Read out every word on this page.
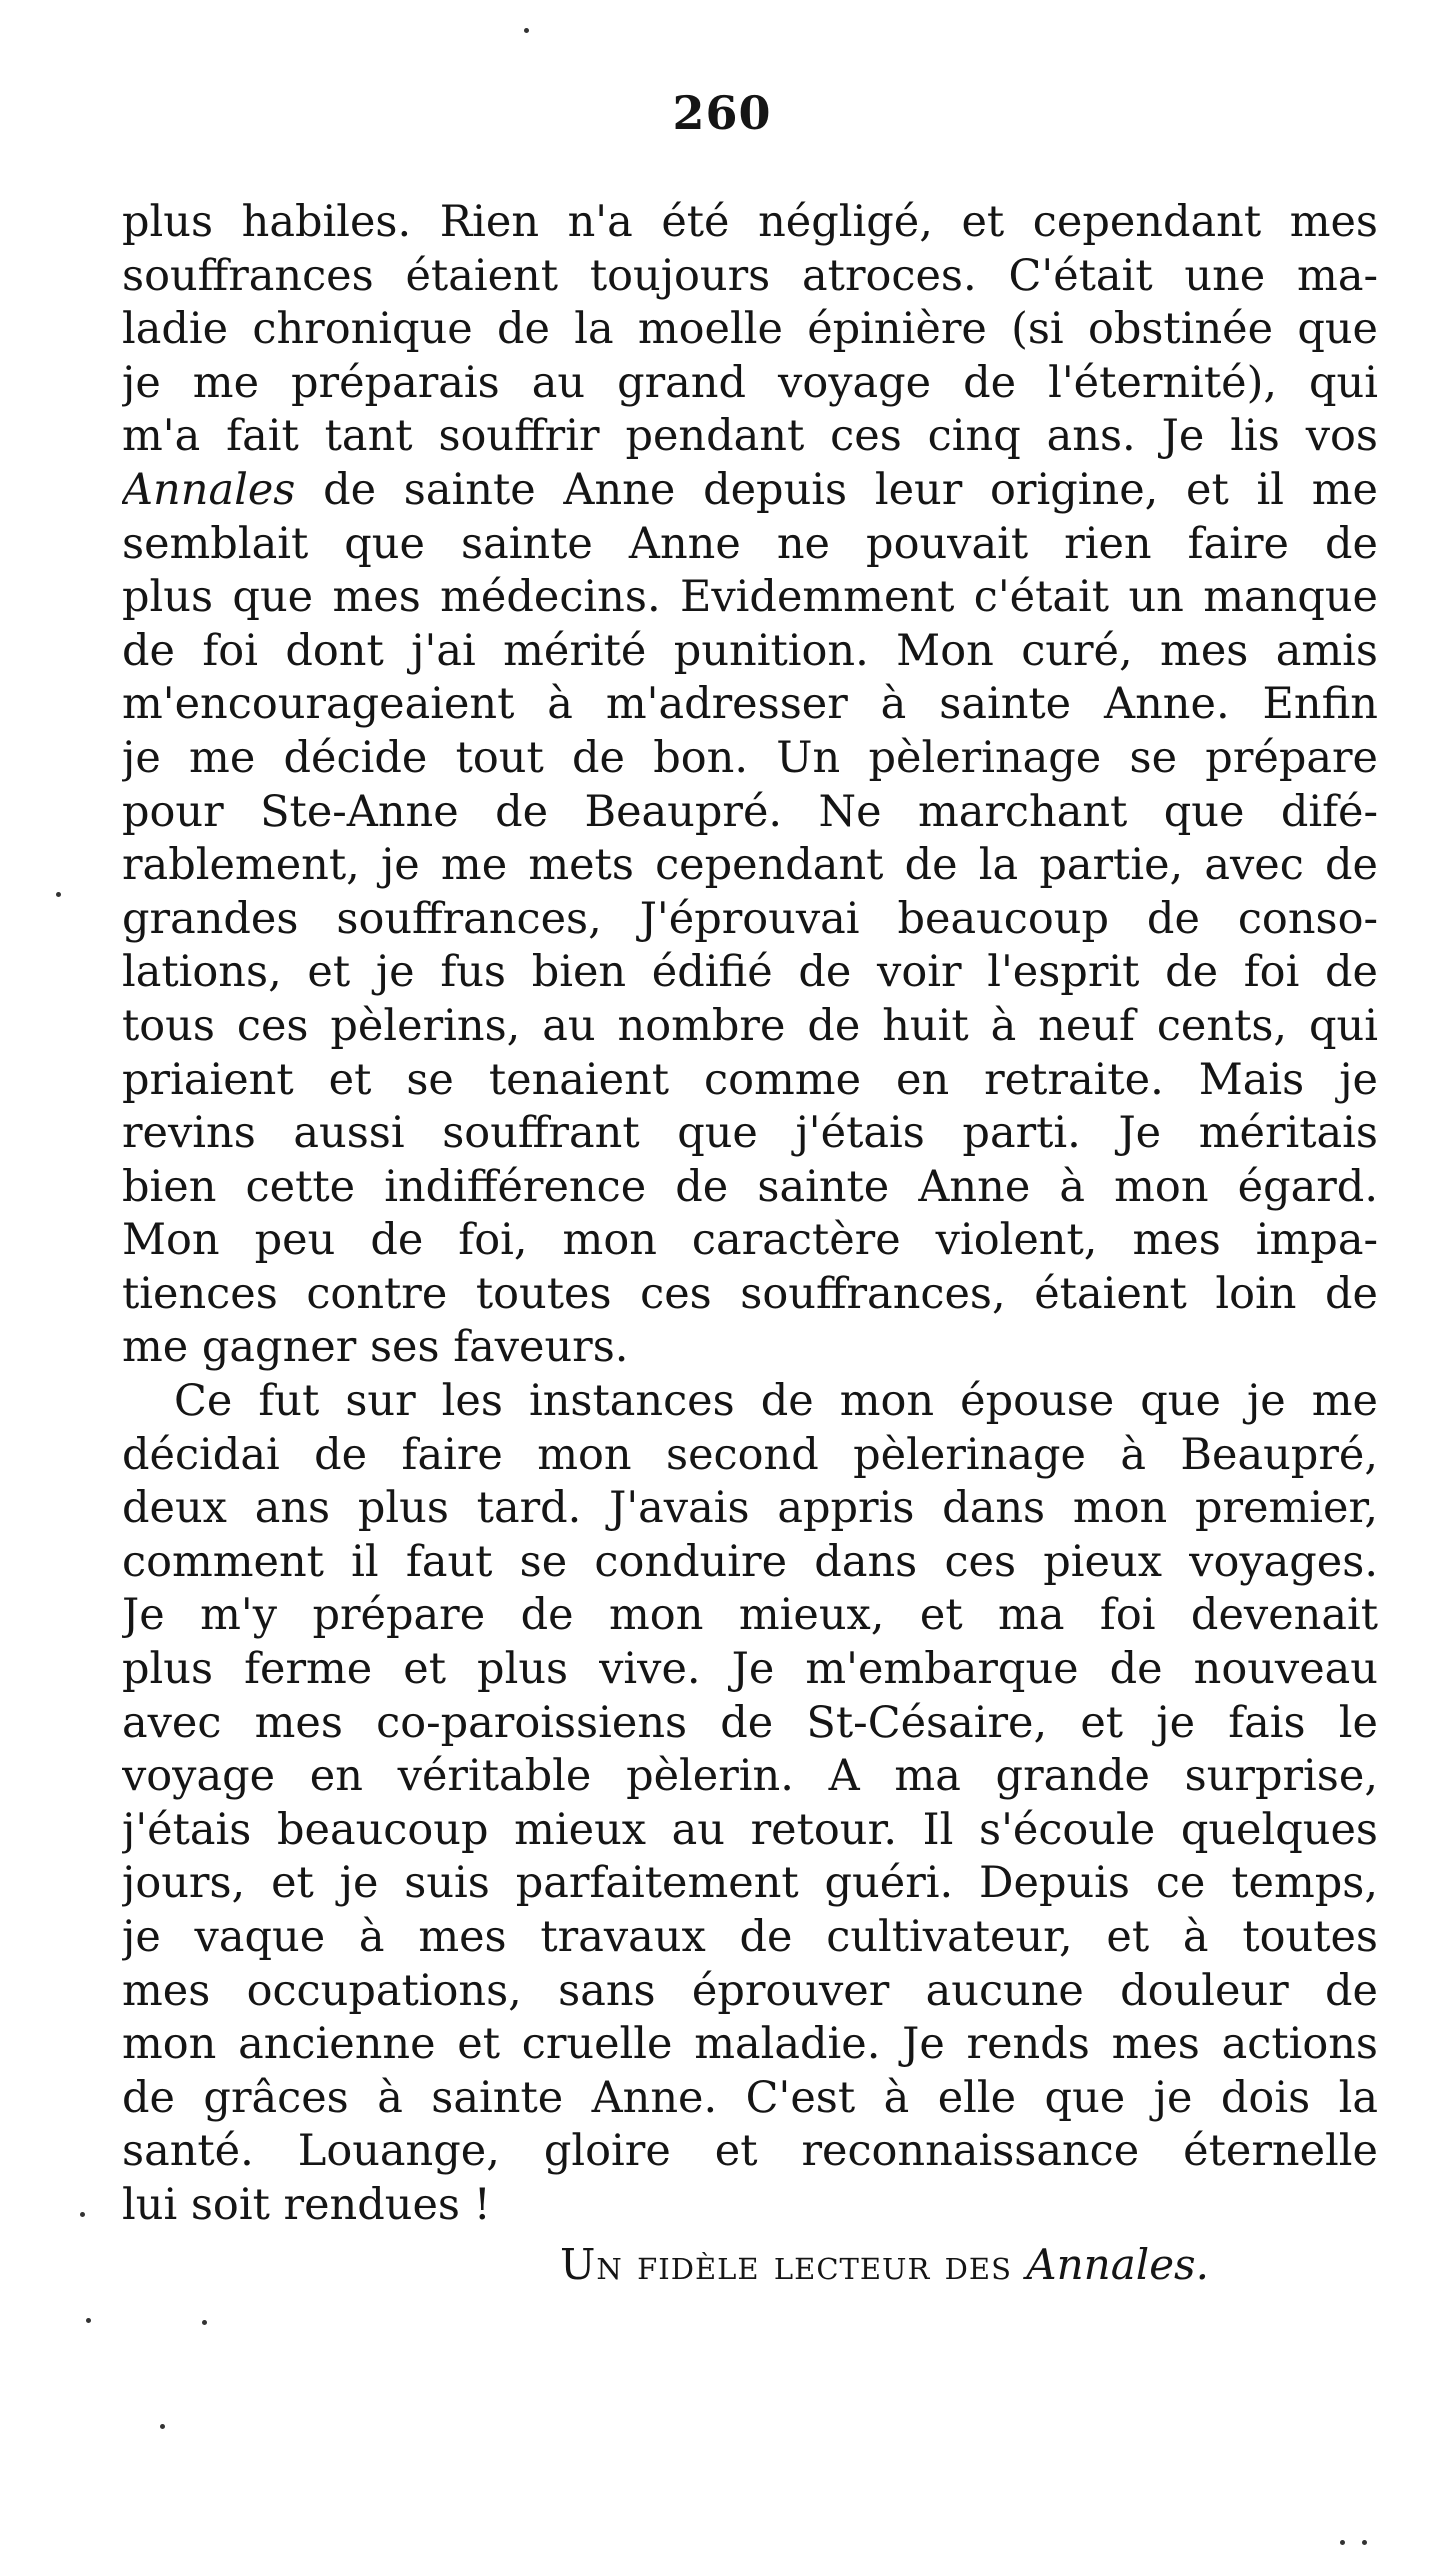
260
plus habiles. Rien n'a été négligé, et cependant mes
souffrances étaient toujours atroces. C'était une ma-
ladie chronique de la moelle épinière (si obstinée que
je me préparais au grand voyage de l'éternité), qui
m'a fait tant souffrir pendant ces cinq ans. Je lis vos
Annales de sainte Anne depuis leur origine, et il me
semblait que sainte Anne ne pouvait rien faire de
plus que mes médecins. Evidemment c'était un manque
de foi dont j'ai mérité punition. Mon curé, mes amis
m'encourageaient à m'adresser à sainte Anne. Enfin
je me décide tout de bon. Un pèlerinage se prépare
pour Ste-Anne de Beaupré. Ne marchant que difé-
rablement, je me mets cependant de la partie, avec de
grandes souffrances, J'éprouvai beaucoup de conso-
lations, et je fus bien édifié de voir l'esprit de foi de
tous ces pèlerins, au nombre de huit à neuf cents, qui
priaient et se tenaient comme en retraite. Mais je
revins aussi souffrant que j'étais parti. Je méritais
bien cette indifférence de sainte Anne à mon égard.
Mon peu de foi, mon caractère violent, mes impa-
tiences contre toutes ces souffrances, étaient loin de
me gagner ses faveurs.
Ce fut sur les instances de mon épouse que je me
décidai de faire mon second pèlerinage à Beaupré,
deux ans plus tard. J'avais appris dans mon premier,
comment il faut se conduire dans ces pieux voyages.
Je m'y prépare de mon mieux, et ma foi devenait
plus ferme et plus vive. Je m'embarque de nouveau
avec mes co-paroissiens de St-Césaire, et je fais le
voyage en véritable pèlerin. A ma grande surprise,
j'étais beaucoup mieux au retour. Il s'écoule quelques
jours, et je suis parfaitement guéri. Depuis ce temps,
je vaque à mes travaux de cultivateur, et à toutes
mes occupations, sans éprouver aucune douleur de
mon ancienne et cruelle maladie. Je rends mes actions
de grâces à sainte Anne. C'est à elle que je dois la
santé. Louange, gloire et reconnaissance éternelle
lui soit rendues !
Un fidèle lecteur des Annales.
